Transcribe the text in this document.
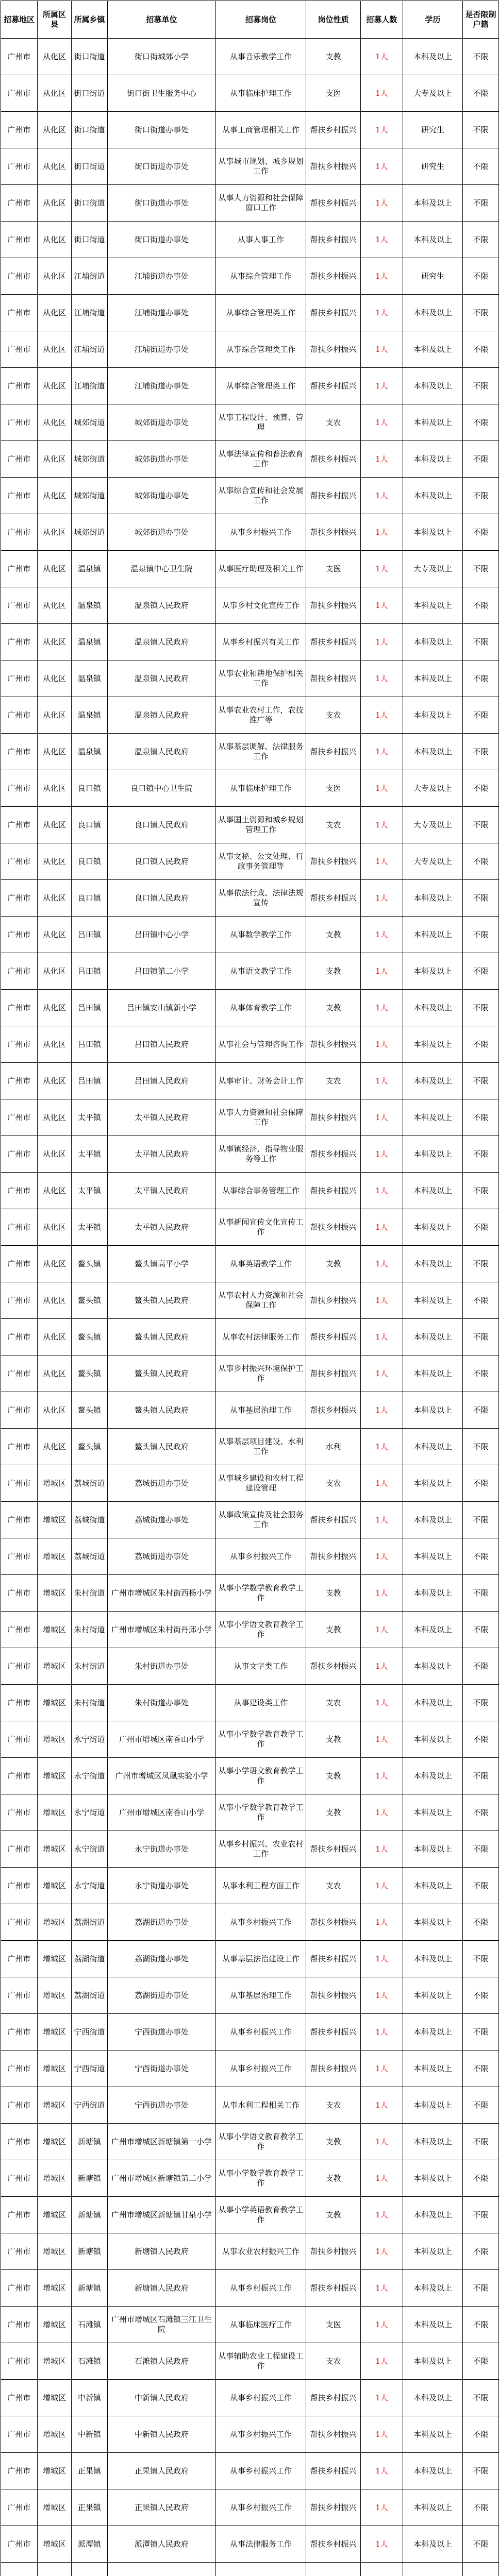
招募地区	所属区县	所属乡镇	招募单位	招募岗位	岗位性质	招募人数	学历	是否限制户籍
广州市	从化区	街口街道	街口街城郊小学	从事音乐教学工作	支教	1人	本科及以上	不限
广州市	从化区	街口街道	街口街卫生服务中心	从事临床护理工作	支医	1人	大专及以上	不限
广州市	从化区	街口街道	街口街道办事处	从事工商管理相关工作	帮扶乡村振兴	1人	研究生	不限
广州市	从化区	街口街道	街口街道办事处	从事城市规划、城乡规划工作	帮扶乡村振兴	1人	研究生	不限
广州市	从化区	街口街道	街口街道办事处	从事人力资源和社会保障窗口工作	帮扶乡村振兴	1人	本科及以上	不限
广州市	从化区	街口街道	街口街道办事处	从事人事工作	帮扶乡村振兴	1人	本科及以上	不限
广州市	从化区	江埔街道	江埔街道办事处	从事综合管理工作	帮扶乡村振兴	1人	研究生	不限
广州市	从化区	江埔街道	江埔街道办事处	从事综合管理类工作	帮扶乡村振兴	1人	本科及以上	不限
广州市	从化区	江埔街道	江埔街道办事处	从事综合管理类工作	帮扶乡村振兴	1人	本科及以上	不限
广州市	从化区	江埔街道	江埔街道办事处	从事综合管理类工作	帮扶乡村振兴	1人	本科及以上	不限
广州市	从化区	城郊街道	城郊街道办事处	从事工程设计、预算、管理	支农	1人	本科及以上	不限
广州市	从化区	城郊街道	城郊街道办事处	从事法律宣传和普法教育工作	帮扶乡村振兴	1人	本科及以上	不限
广州市	从化区	城郊街道	城郊街道办事处	从事综合宣传和社会发展工作	帮扶乡村振兴	1人	本科及以上	不限
广州市	从化区	城郊街道	城郊街道办事处	从事乡村振兴工作	帮扶乡村振兴	1人	本科及以上	不限
广州市	从化区	温泉镇	温泉镇中心卫生院	从事医疗助理及相关工作	支医	1人	大专及以上	不限
广州市	从化区	温泉镇	温泉镇人民政府	从事乡村文化宣传工作	帮扶乡村振兴	1人	本科及以上	不限
广州市	从化区	温泉镇	温泉镇人民政府	从事乡村振兴有关工作	帮扶乡村振兴	1人	本科及以上	不限
广州市	从化区	温泉镇	温泉镇人民政府	从事农业和耕地保护相关工作	帮扶乡村振兴	1人	本科及以上	不限
广州市	从化区	温泉镇	温泉镇人民政府	从事农业农村工作，农技推广等	支农	1人	本科及以上	不限
广州市	从化区	温泉镇	温泉镇人民政府	从事基层调解、法律服务工作	帮扶乡村振兴	1人	本科及以上	不限
广州市	从化区	良口镇	良口镇中心卫生院	从事临床护理工作	支医	1人	大专及以上	不限
广州市	从化区	良口镇	良口镇人民政府	从事国土资源和城乡规划管理工作	支农	1人	大专及以上	不限
广州市	从化区	良口镇	良口镇人民政府	从事文秘、公文处理、行政事务管理等	帮扶乡村振兴	1人	大专及以上	不限
广州市	从化区	良口镇	良口镇人民政府	从事依法行政、法律法规宣传	帮扶乡村振兴	1人	本科及以上	不限
广州市	从化区	吕田镇	吕田镇中心小学	从事数学教学工作	支教	1人	本科及以上	不限
广州市	从化区	吕田镇	吕田镇第二小学	从事语文教学工作	支教	1人	本科及以上	不限
广州市	从化区	吕田镇	吕田镇安山镇新小学	从事体育教学工作	支教	1人	本科及以上	不限
广州市	从化区	吕田镇	吕田镇人民政府	从事社会与管理咨询工作	帮扶乡村振兴	1人	本科及以上	不限
广州市	从化区	吕田镇	吕田镇人民政府	从事审计、财务会计工作	支农	1人	本科及以上	不限
广州市	从化区	太平镇	太平镇人民政府	从事人力资源和社会保障工作	帮扶乡村振兴	1人	本科及以上	不限
广州市	从化区	太平镇	太平镇人民政府	从事镇经济、指导物业服务等工作	帮扶乡村振兴	1人	本科及以上	不限
广州市	从化区	太平镇	太平镇人民政府	从事综合事务管理工作	帮扶乡村振兴	1人	本科及以上	不限
广州市	从化区	太平镇	太平镇人民政府	从事新闻宣传文化宣传工作	帮扶乡村振兴	1人	本科及以上	不限
广州市	从化区	鳌头镇	鳌头镇高平小学	从事英语教学工作	支教	1人	本科及以上	不限
广州市	从化区	鳌头镇	鳌头镇人民政府	从事农村人力资源和社会保障工作	帮扶乡村振兴	1人	本科及以上	不限
广州市	从化区	鳌头镇	鳌头镇人民政府	从事农村法律服务工作	帮扶乡村振兴	1人	本科及以上	不限
广州市	从化区	鳌头镇	鳌头镇人民政府	从事乡村振兴环境保护工作	帮扶乡村振兴	1人	本科及以上	不限
广州市	从化区	鳌头镇	鳌头镇人民政府	从事基层治理工作	帮扶乡村振兴	1人	本科及以上	不限
广州市	从化区	鳌头镇	鳌头镇人民政府	从事基层项目建设、水利工作	水利	1人	本科及以上	不限
广州市	增城区	荔城街道	荔城街道办事处	从事城乡建设和农村工程建设管理	支农	1人	本科及以上	不限
广州市	增城区	荔城街道	荔城街道办事处	从事政策宣传及社会服务工作	帮扶乡村振兴	1人	本科及以上	不限
广州市	增城区	荔城街道	荔城街道办事处	从事乡村振兴工作	帮扶乡村振兴	1人	本科及以上	不限
广州市	增城区	朱村街道	广州市增城区朱村街西杨小学	从事小学数学教育教学工作	支教	1人	本科及以上	不限
广州市	增城区	朱村街道	广州市增城区朱村街丹邱小学	从事小学语文教育教学工作	支教	1人	本科及以上	不限
广州市	增城区	朱村街道	朱村街道办事处	从事文字类工作	帮扶乡村振兴	1人	本科及以上	不限
广州市	增城区	朱村街道	朱村街道办事处	从事建设类工作	支农	1人	本科及以上	不限
广州市	增城区	永宁街道	广州市增城区南香山小学	从事小学数学教育教学工作	支教	1人	本科及以上	不限
广州市	增城区	永宁街道	广州市增城区凤凰实验小学	从事小学语文教育教学工作	支教	1人	本科及以上	不限
广州市	增城区	永宁街道	广州市增城区南香山小学	从事小学数学教育教学工作	支教	1人	本科及以上	不限
广州市	增城区	永宁街道	永宁街道办事处	从事乡村振兴、农业农村工作	帮扶乡村振兴	1人	本科及以上	不限
广州市	增城区	永宁街道	永宁街道办事处	从事水利工程方面工作	支农	1人	本科及以上	不限
广州市	增城区	荔湖街道	荔湖街道办事处	从事乡村振兴工作	帮扶乡村振兴	1人	本科及以上	不限
广州市	增城区	荔湖街道	荔湖街道办事处	从事基层法治建设工作	帮扶乡村振兴	1人	本科及以上	不限
广州市	增城区	荔湖街道	荔湖街道办事处	从事基层治理工作	帮扶乡村振兴	1人	本科及以上	不限
广州市	增城区	宁西街道	宁西街道办事处	从事乡村振兴工作	帮扶乡村振兴	1人	本科及以上	不限
广州市	增城区	宁西街道	宁西街道办事处	从事乡村振兴工作	帮扶乡村振兴	1人	本科及以上	不限
广州市	增城区	宁西街道	宁西街道办事处	从事水利工程相关工作	支农	1人	本科及以上	不限
广州市	增城区	新塘镇	广州市增城区新塘镇第一小学	从事小学语文教育教学工作	支教	1人	本科及以上	不限
广州市	增城区	新塘镇	广州市增城区新塘镇第二小学	从事小学数学教育教学工作	支教	1人	本科及以上	不限
广州市	增城区	新塘镇	广州市增城区新塘镇甘泉小学	从事小学英语教育教学工作	支教	1人	本科及以上	不限
广州市	增城区	新塘镇	新塘镇人民政府	从事农业农村振兴工作	帮扶乡村振兴	1人	本科及以上	不限
广州市	增城区	新塘镇	新塘镇人民政府	从事乡村振兴工作	帮扶乡村振兴	1人	本科及以上	不限
广州市	增城区	石滩镇	广州市增城区石滩镇三江卫生院	从事临床医疗工作	支医	1人	本科及以上	不限
广州市	增城区	石滩镇	石滩镇人民政府	从事辅助农业工程建设工作	支农	1人	本科及以上	不限
广州市	增城区	中新镇	中新镇人民政府	从事乡村振兴工作	帮扶乡村振兴	1人	本科及以上	不限
广州市	增城区	中新镇	中新镇人民政府	从事乡村振兴工作	帮扶乡村振兴	1人	本科及以上	不限
广州市	增城区	正果镇	正果镇人民政府	从事乡村振兴工作	帮扶乡村振兴	1人	本科及以上	不限
广州市	增城区	正果镇	正果镇人民政府	从事乡村振兴工作	帮扶乡村振兴	1人	本科及以上	不限
广州市	增城区	派潭镇	派潭镇人民政府	从事法律服务工作	帮扶乡村振兴	1人	本科及以上	不限
